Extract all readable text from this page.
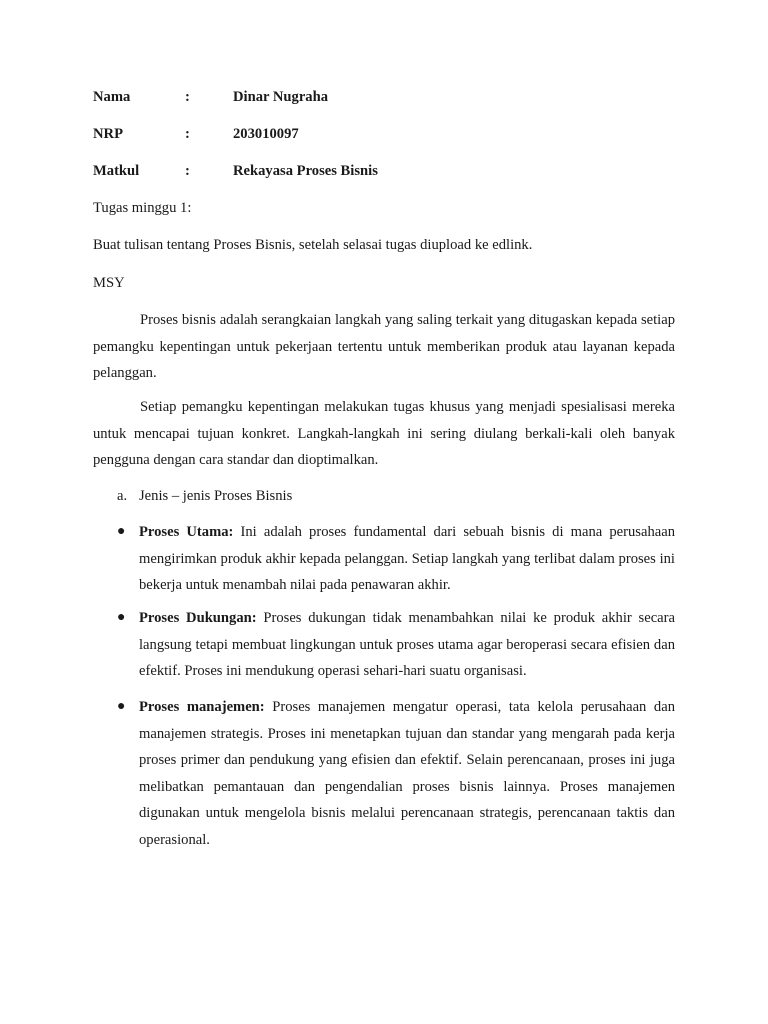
Nama	:	Dinar Nugraha
NRP	:	203010097
Matkul	:	Rekayasa Proses Bisnis
Tugas minggu 1:
Buat tulisan tentang Proses Bisnis, setelah selasai tugas diupload ke edlink.
MSY
Proses bisnis adalah serangkaian langkah yang saling terkait yang ditugaskan kepada setiap pemangku kepentingan untuk pekerjaan tertentu untuk memberikan produk atau layanan kepada pelanggan.
Setiap pemangku kepentingan melakukan tugas khusus yang menjadi spesialisasi mereka untuk mencapai tujuan konkret. Langkah-langkah ini sering diulang berkali-kali oleh banyak pengguna dengan cara standar dan dioptimalkan.
a. Jenis – jenis Proses Bisnis
● Proses Utama: Ini adalah proses fundamental dari sebuah bisnis di mana perusahaan mengirimkan produk akhir kepada pelanggan. Setiap langkah yang terlibat dalam proses ini bekerja untuk menambah nilai pada penawaran akhir.
● Proses Dukungan: Proses dukungan tidak menambahkan nilai ke produk akhir secara langsung tetapi membuat lingkungan untuk proses utama agar beroperasi secara efisien dan efektif. Proses ini mendukung operasi sehari-hari suatu organisasi.
● Proses manajemen: Proses manajemen mengatur operasi, tata kelola perusahaan dan manajemen strategis. Proses ini menetapkan tujuan dan standar yang mengarah pada kerja proses primer dan pendukung yang efisien dan efektif. Selain perencanaan, proses ini juga melibatkan pemantauan dan pengendalian proses bisnis lainnya. Proses manajemen digunakan untuk mengelola bisnis melalui perencanaan strategis, perencanaan taktis dan operasional.
